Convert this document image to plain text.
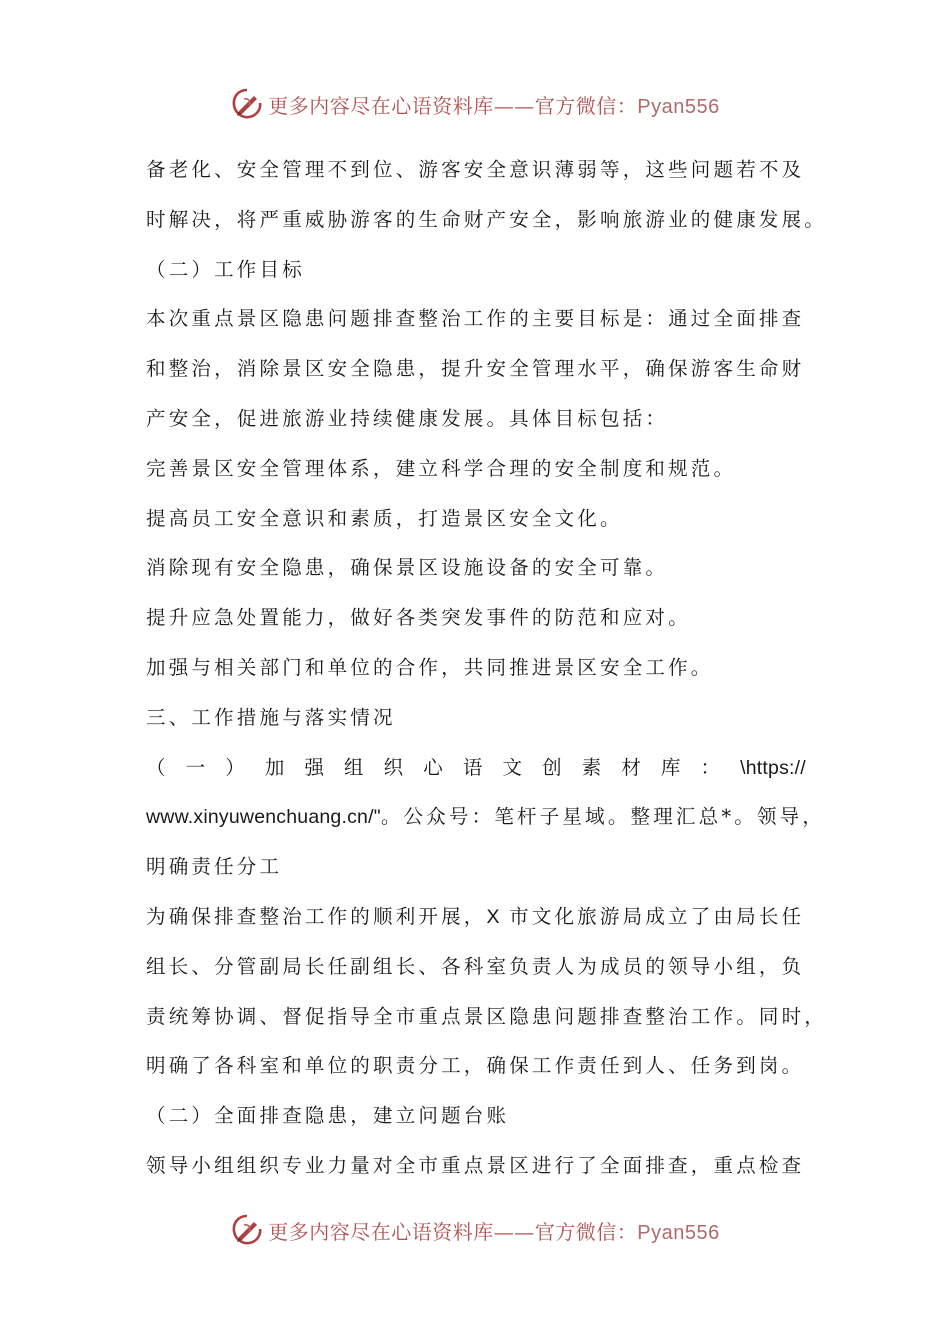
更多内容尽在心语资料库——官方微信：Pyan556
备老化、安全管理不到位、游客安全意识薄弱等，这些问题若不及
时解决，将严重威胁游客的生命财产安全，影响旅游业的健康发展。
（二）工作目标
本次重点景区隐患问题排查整治工作的主要目标是：通过全面排查
和整治，消除景区安全隐患，提升安全管理水平，确保游客生命财
产安全，促进旅游业持续健康发展。具体目标包括：
完善景区安全管理体系，建立科学合理的安全制度和规范。
提高员工安全意识和素质，打造景区安全文化。
消除现有安全隐患，确保景区设施设备的安全可靠。
提升应急处置能力，做好各类突发事件的防范和应对。
加强与相关部门和单位的合作，共同推进景区安全工作。
三、工作措施与落实情况
（ 一 ） 加 强 组 织 心 语 文 创 素 材 库 ： \https://
www.xinyuwenchuang.cn/"。公众号：笔杆子星域。整理汇总*。领导，
明确责任分工
为确保排查整治工作的顺利开展，X 市文化旅游局成立了由局长任
组长、分管副局长任副组长、各科室负责人为成员的领导小组，负
责统筹协调、督促指导全市重点景区隐患问题排查整治工作。同时，
明确了各科室和单位的职责分工，确保工作责任到人、任务到岗。
（二）全面排查隐患，建立问题台账
领导小组组织专业力量对全市重点景区进行了全面排查，重点检查
更多内容尽在心语资料库——官方微信：Pyan556
